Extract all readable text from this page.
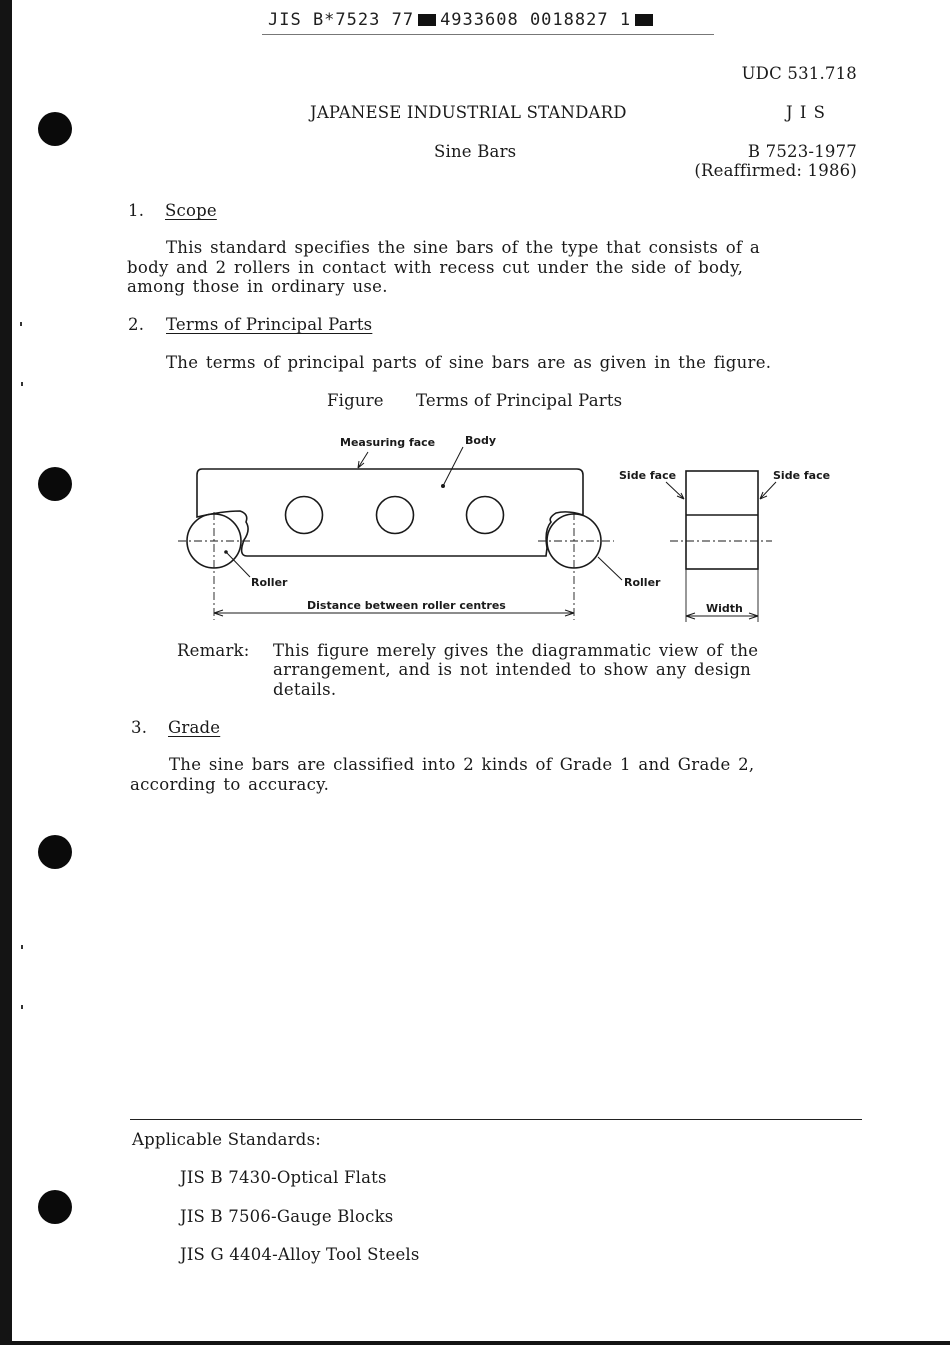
JIS B*7523 77 4933608 0018827 1
UDC 531.718
JAPANESE INDUSTRIAL STANDARD	J I S
Sine Bars	B 7523-1977
(Reaffirmed: 1986)
1. Scope
This standard specifies the sine bars of the type that consists of a
body and 2 rollers in contact with recess cut under the side of body,
among those in ordinary use.
2. Terms of Principal Parts
The terms of principal parts of sine bars are as given in the figure.
Figure Terms of Principal Parts
Measuring face	Body
Side face	Side face
Roller	Roller
Distance between roller centres	Width
Remark: This figure merely gives the diagrammatic view of the
arrangement, and is not intended to show any design
details.
3. Grade
The sine bars are classified into 2 kinds of Grade 1 and Grade 2,
according to accuracy.
Applicable Standards:
JIS B 7430-Optical Flats
JIS B 7506-Gauge Blocks
JIS G 4404-Alloy Tool Steels
